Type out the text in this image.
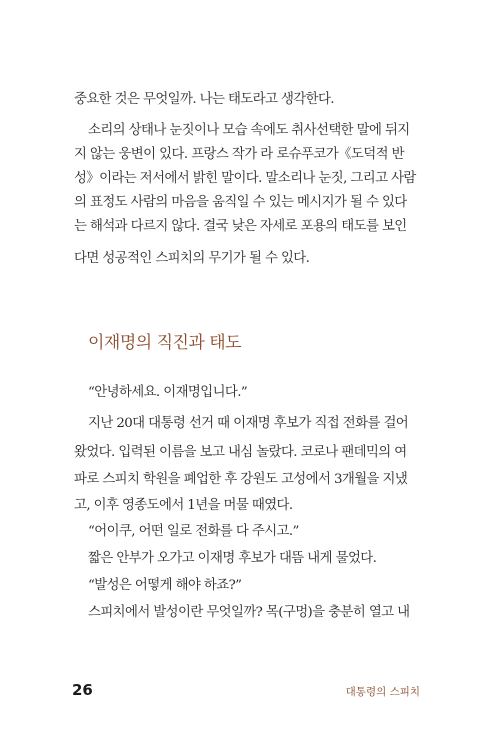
중요한 것은 무엇일까. 나는 태도라고 생각한다.
소리의 상태나 눈짓이나 모습 속에도 취사선택한 말에 뒤지
지 않는 웅변이 있다. 프랑스 작가 라 로슈푸코가《도덕적 반
성》이라는 저서에서 밝힌 말이다. 말소리나 눈짓, 그리고 사람
의 표정도 사람의 마음을 움직일 수 있는 메시지가 될 수 있다
는 해석과 다르지 않다. 결국 낮은 자세로 포용의 태도를 보인
다면 성공적인 스피치의 무기가 될 수 있다.
이재명의 직진과 태도
“안녕하세요. 이재명입니다.”
지난 20대 대통령 선거 때 이재명 후보가 직접 전화를 걸어
왔었다. 입력된 이름을 보고 내심 놀랐다. 코로나 팬데믹의 여
파로 스피치 학원을 폐업한 후 강원도 고성에서 3개월을 지냈
고, 이후 영종도에서 1년을 머물 때였다.
“어이쿠, 어떤 일로 전화를 다 주시고.”
짧은 안부가 오가고 이재명 후보가 대뜸 내게 물었다.
“발성은 어떻게 해야 하죠?”
스피치에서 발성이란 무엇일까? 목(구멍)을 충분히 열고 내
26	대통령의 스피치
